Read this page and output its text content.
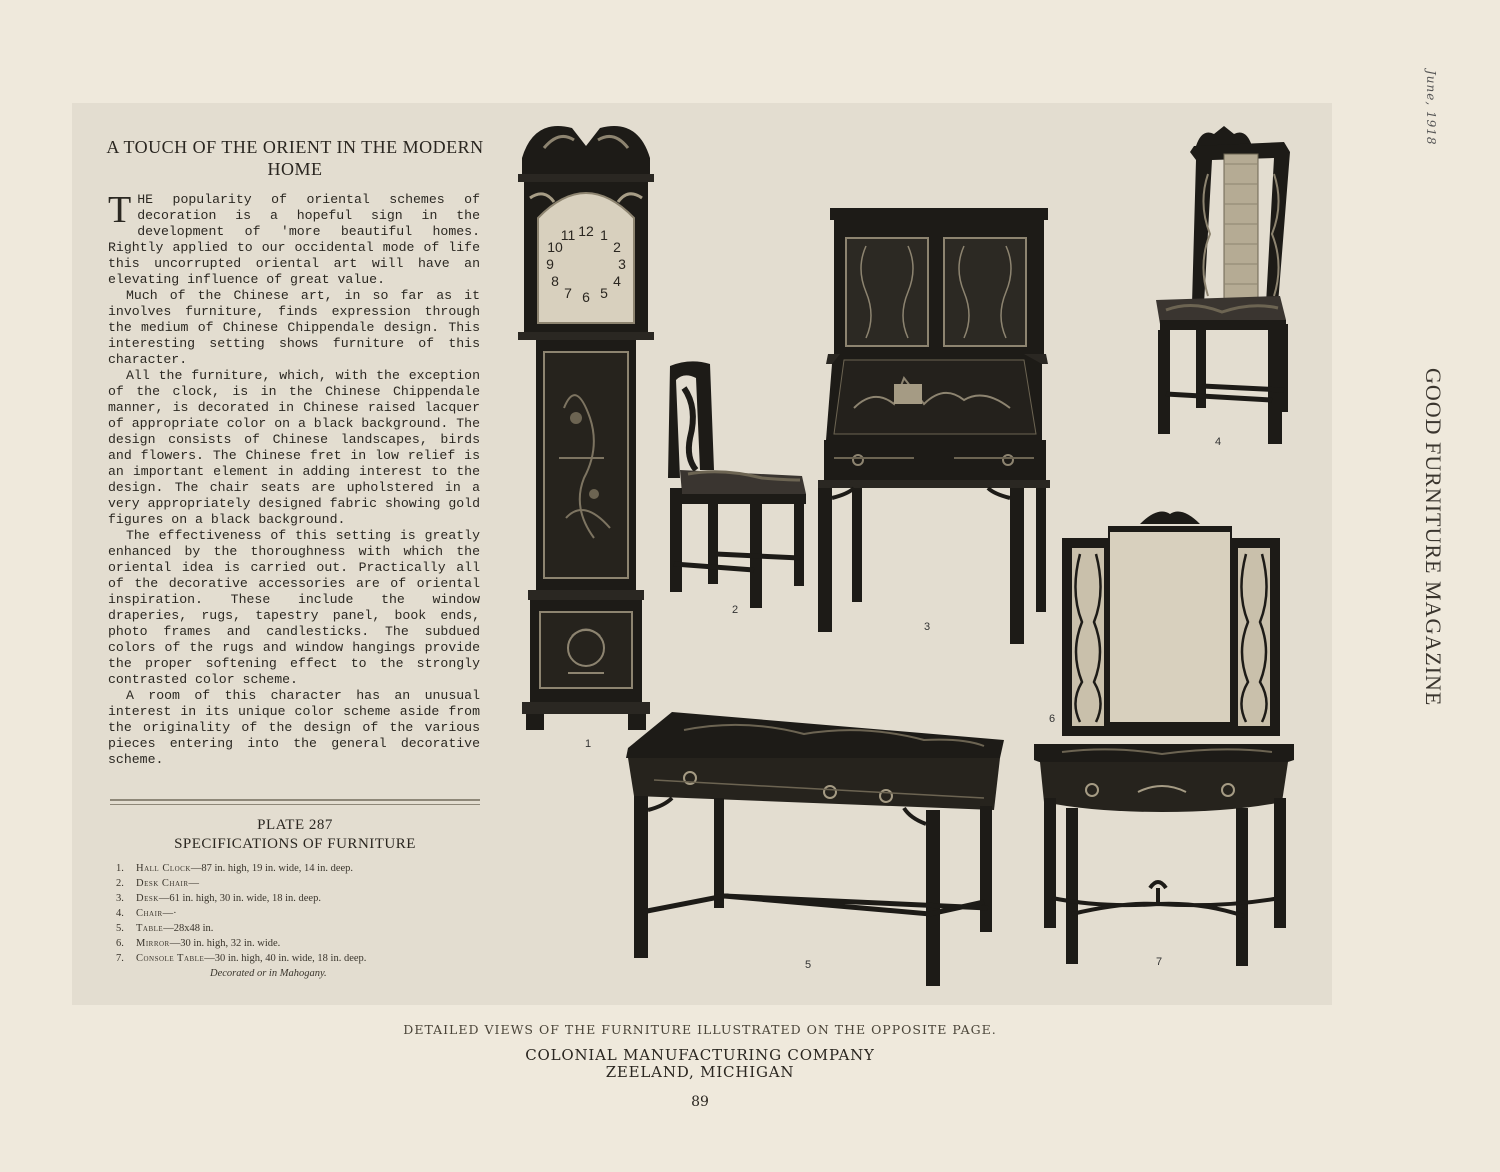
June, 1918
GOOD FURNITURE MAGAZINE
A TOUCH OF THE ORIENT IN THE MODERN HOME

THE popularity of oriental schemes of decoration is a hopeful sign in the development of 'more beautiful homes. Rightly applied to our occidental mode of life this uncorrupted oriental art will have an elevating influence of great value.

Much of the Chinese art, in so far as it involves furniture, finds expression through the medium of Chinese Chippendale design. This interesting setting shows furniture of this character.

All the furniture, which, with the exception of the clock, is in the Chinese Chippendale manner, is decorated in Chinese raised lacquer of appropriate color on a black background. The design consists of Chinese landscapes, birds and flowers. The Chinese fret in low relief is an important element in adding interest to the design. The chair seats are upholstered in a very appropriately designed fabric showing gold figures on a black background.

The effectiveness of this setting is greatly enhanced by the thoroughness with which the oriental idea is carried out. Practically all of the decorative accessories are of oriental inspiration. These include the window draperies, rugs, tapestry panel, book ends, photo frames and candlesticks. The subdued colors of the rugs and window hangings provide the proper softening effect to the strongly contrasted color scheme.

A room of this character has an unusual interest in its unique color scheme aside from the originality of the design of the various pieces entering into the general decorative scheme.

PLATE 287
SPECIFICATIONS OF FURNITURE
1. Hall Clock—87 in. high, 19 in. wide, 14 in. deep.
2. Desk Chair—
3. Desk—61 in. high, 30 in. wide, 18 in. deep.
4. Chair—·
5. Table—28x48 in.
6. Mirror—30 in. high, 32 in. wide.
7. Console Table—30 in. high, 40 in. wide, 18 in. deep.
Decorated or in Mahogany.
12 1
2
3
4
5
6
7
8
9
10
11
1
2
3
4
6
5	7
DETAILED VIEWS OF THE FURNITURE ILLUSTRATED ON THE OPPOSITE PAGE.
COLONIAL MANUFACTURING COMPANY
ZEELAND, MICHIGAN
89
